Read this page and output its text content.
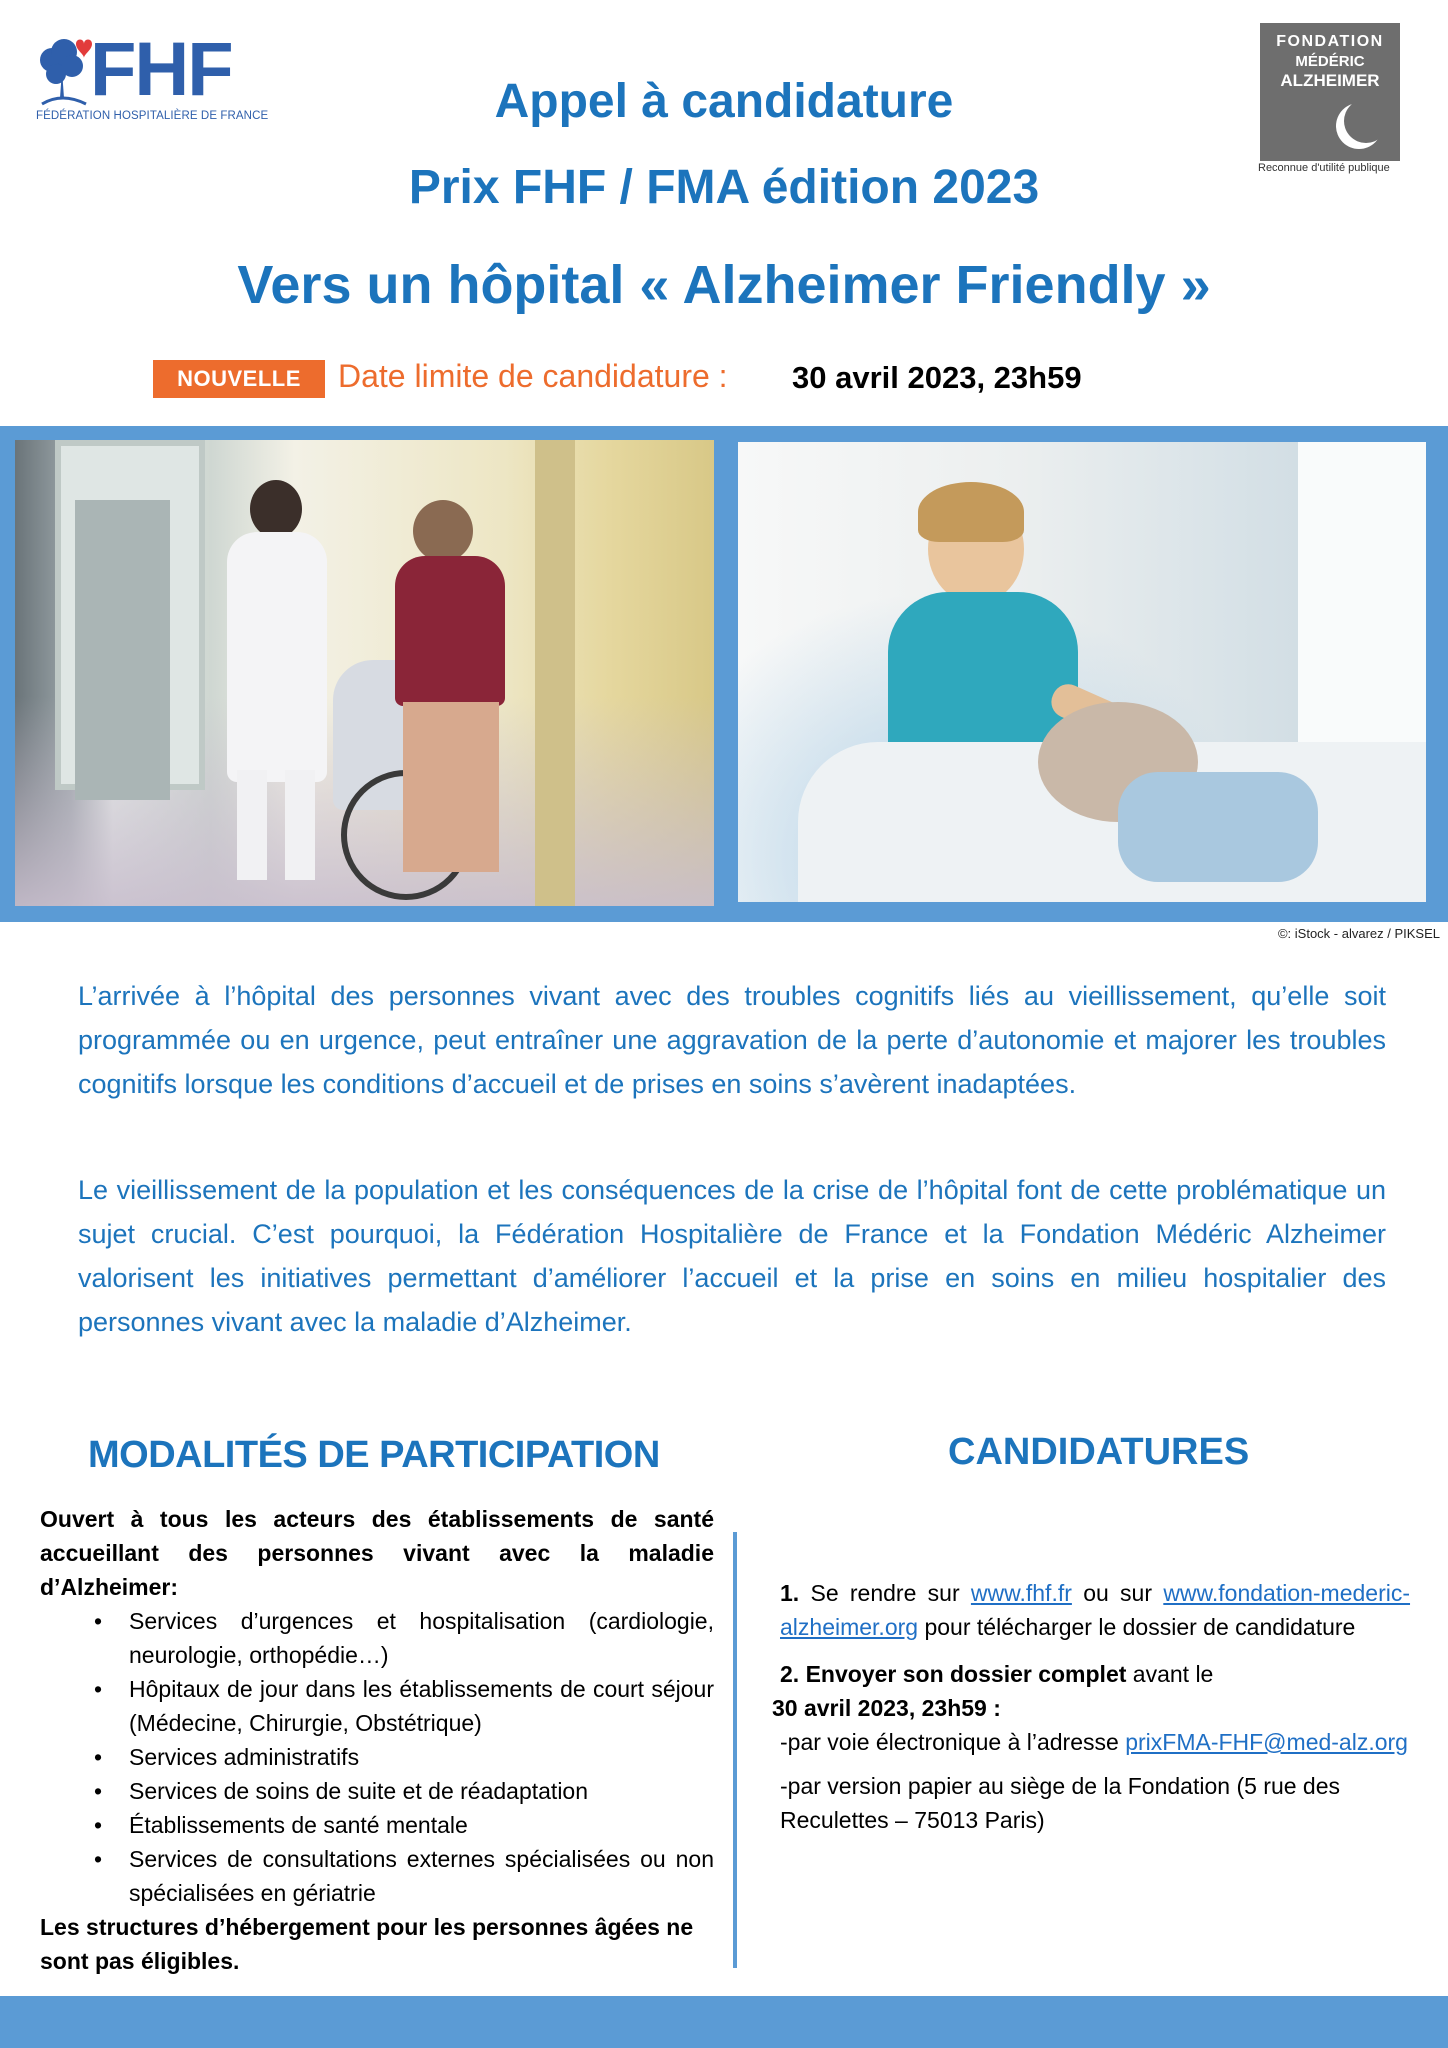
FHF
FÉDÉRATION HOSPITALIÈRE DE FRANCE
FONDATION
MÉDÉRIC
ALZHEIMER
Reconnue d'utilité publique
Appel à candidature
Prix FHF / FMA édition 2023
Vers un hôpital « Alzheimer Friendly »
NOUVELLE	Date limite de candidature : 30 avril 2023, 23h59
©: iStock - alvarez / PIKSEL

L’arrivée à l’hôpital des personnes vivant avec des troubles cognitifs liés au vieillissement, qu’elle soit programmée ou en urgence, peut entraîner une aggravation de la perte d’autonomie et majorer les troubles cognitifs lorsque les conditions d’accueil et de prises en soins s’avèrent inadaptées.

Le vieillissement de la population et les conséquences de la crise de l’hôpital font de cette problématique un sujet crucial. C’est pourquoi, la Fédération Hospitalière de France et la Fondation Médéric Alzheimer valorisent les initiatives permettant d’améliorer l’accueil et la prise en soins en milieu hospitalier des personnes vivant avec la maladie d’Alzheimer.

MODALITÉS DE PARTICIPATION

Ouvert à tous les acteurs des établissements de santé accueillant des personnes vivant avec la maladie d’Alzheimer:

• Services d’urgences et hospitalisation (cardiologie, neurologie, orthopédie…)
• Hôpitaux de jour dans les établissements de court séjour (Médecine, Chirurgie, Obstétrique)
• Services administratifs
• Services de soins de suite et de réadaptation
• Établissements de santé mentale
• Services de consultations externes spécialisées ou non spécialisées en gériatrie

Les structures d’hébergement pour les personnes âgées ne sont pas éligibles.

CANDIDATURES

1. Se rendre sur www.fhf.fr ou sur www.fondation-mederic-alzheimer.org pour télécharger le dossier de candidature

2. Envoyer son dossier complet avant le

30 avril 2023, 23h59 :

-par voie électronique à l’adresse prixFMA-FHF@med-alz.org

-par version papier au siège de la Fondation (5 rue des Reculettes – 75013 Paris)
